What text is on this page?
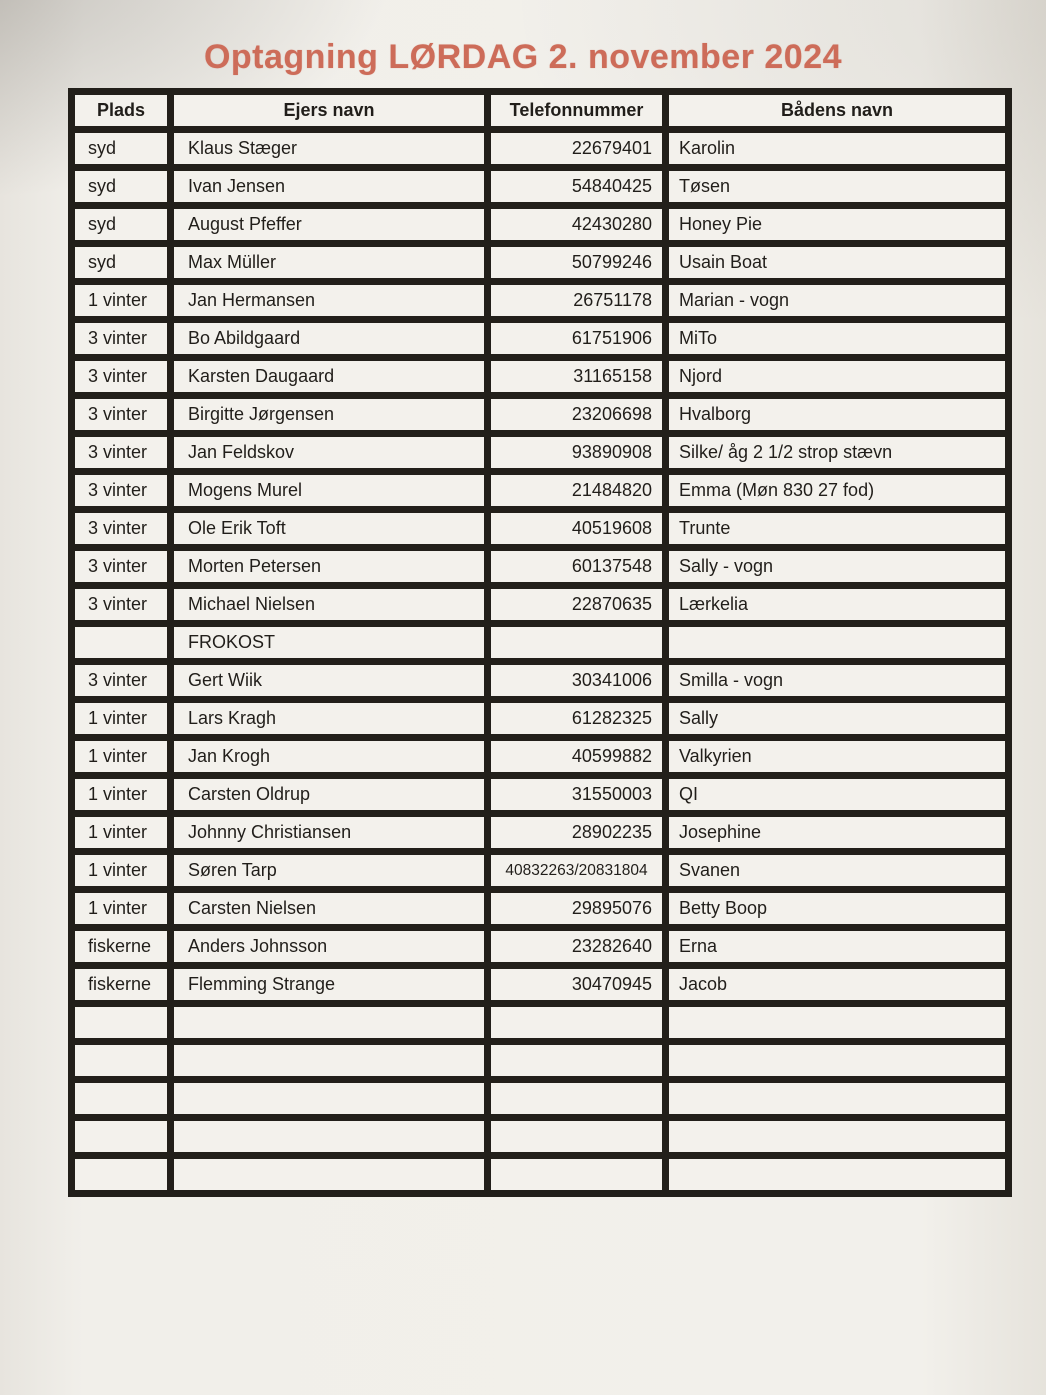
Optagning LØRDAG 2. november 2024
Plads	Ejers navn	Telefonnummer	Bådens navn
syd	Klaus Stæger	22679401	Karolin
syd	Ivan Jensen	54840425	Tøsen
syd	August Pfeffer	42430280	Honey Pie
syd	Max Müller	50799246	Usain Boat
1 vinter	Jan Hermansen	26751178	Marian - vogn
3 vinter	Bo Abildgaard	61751906	MiTo
3 vinter	Karsten Daugaard	31165158	Njord
3 vinter	Birgitte Jørgensen	23206698	Hvalborg
3 vinter	Jan Feldskov	93890908	Silke/ åg 2 1/2 strop stævn
3 vinter	Mogens Murel	21484820	Emma (Møn 830 27 fod)
3 vinter	Ole Erik Toft	40519608	Trunte
3 vinter	Morten Petersen	60137548	Sally - vogn
3 vinter	Michael Nielsen	22870635	Lærkelia
	FROKOST		
3 vinter	Gert Wiik	30341006	Smilla - vogn
1 vinter	Lars Kragh	61282325	Sally
1 vinter	Jan Krogh	40599882	Valkyrien
1 vinter	Carsten Oldrup	31550003	QI
1 vinter	Johnny Christiansen	28902235	Josephine
1 vinter	Søren Tarp	40832263/20831804	Svanen
1 vinter	Carsten Nielsen	29895076	Betty Boop
fiskerne	Anders Johnsson	23282640	Erna
fiskerne	Flemming Strange	30470945	Jacob
